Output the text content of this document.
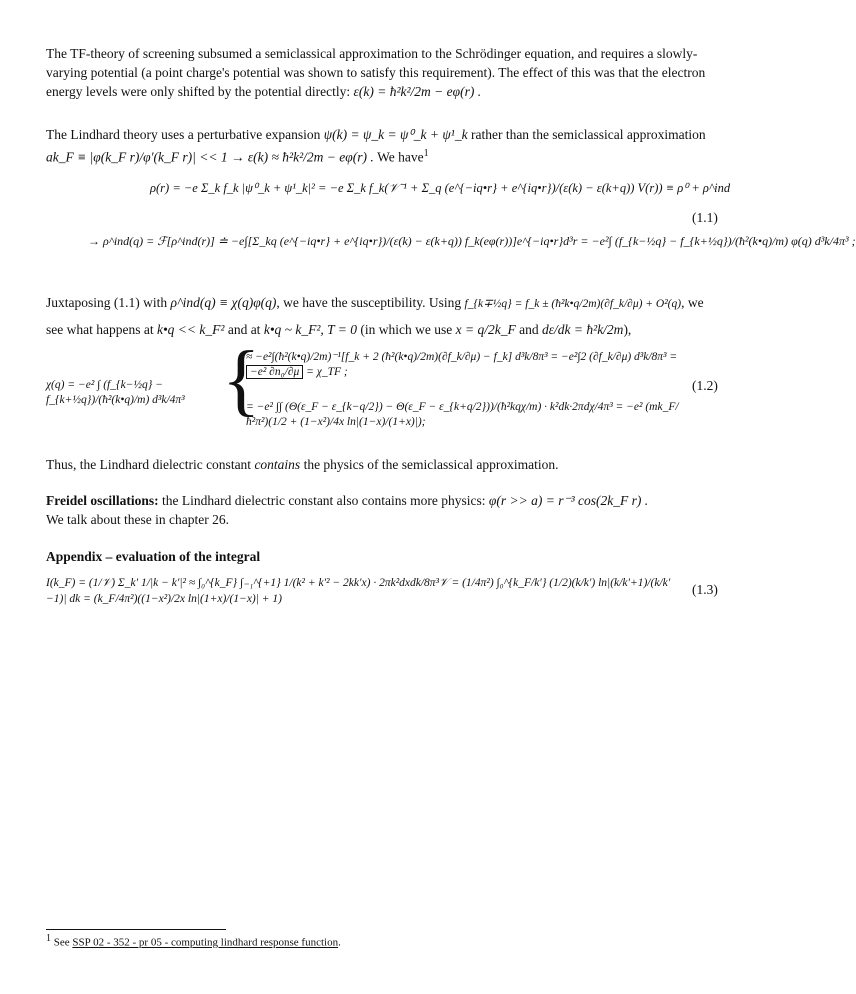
The TF-theory of screening subsumed a semiclassical approximation to the Schrödinger equation, and requires a slowly-varying potential (a point charge's potential was shown to satisfy this requirement). The effect of this was that the electron energy levels were only shifted by the potential directly: ε(k) = ħ²k²/2m − eφ(r) .
The Lindhard theory uses a perturbative expansion ψ(k) = ψ_k = ψ⁰_k + ψ¹_k rather than the semiclassical approximation ak_F ≡ |φ(k_F r)/φ′(k_F r)| << 1 → ε(k) ≈ ħ²k²/2m − eφ(r) . We have$^1$
ρ(r) = −e Σ_k f_k |ψ⁰_k + ψ¹_k|² = −e Σ_k f_k(𝒱⁻¹ + Σ_q (e^{−iq•r} + e^{iq•r})/(ε(k) − ε(k+q)) V(r)) ≡ ρ⁰ + ρ^ind
→ ρ^ind(q) = ℱ[ρ^ind(r)] ≐ −e∫[Σ_kq (e^{−iq•r} + e^{iq•r})/(ε(k) − ε(k+q)) f_k(eφ(r))]e^{−iq•r}d³r = −e²∫ (f_{k−½q} − f_{k+½q})/(ħ²(k•q)/m) φ(q) d³k/4π³ ;
(1.1)
Juxtaposing (1.1) with ρ^ind(q) ≡ χ(q)φ(q), we have the susceptibility. Using f_{k∓½q} = f_k ± (ħ²k•q/2m)(∂f_k/∂μ) + O²(q), we see what happens at k•q << k_F² and at k•q ~ k_F², T = 0 (in which we use x = q/2k_F and dε/dk = ħ²k/2m),
χ(q) = −e² ∫ (f_{k−½q} − f_{k+½q})/(ħ²(k•q)/m) d³k/4π³ {
≈ −e²∫(ħ²(k•q)/2m)⁻¹[f_k + 2 (ħ²(k•q)/2m)(∂f_k/∂μ) − f_k] d³k/8π³ = −e²∫2 (∂f_k/∂μ) d³k/8π³ = −e² ∂n₀/∂μ = χ_TF ;
= −e² ∫∫ (Θ(ε_F − ε_{k−q/2}) − Θ(ε_F − ε_{k+q/2}))/(ħ²kqχ/m) · k²dk·2πdχ/4π³ = −e² (mk_F/ħ²π²)(1/2 + (1−x²)/4x ln|(1−x)/(1+x)|);
(1.2)
Thus, the Lindhard dielectric constant contains the physics of the semiclassical approximation.
Freidel oscillations: the Lindhard dielectric constant also contains more physics: φ(r >> a) = r⁻³ cos(2k_F r) .
We talk about these in chapter 26.
Appendix – evaluation of the integral
I(k_F) = (1/𝒱) Σ_k′ 1/|k − k′|² ≈ ∫₀^{k_F} ∫₋₁^{+1} 1/(k² + k′² − 2kk′x) · 2πk²dxdk/8π³𝒱 = (1/4π²) ∫₀^{k_F/k′} (1/2)(k/k′) ln|(k/k′+1)/(k/k′−1)| dk = (k_F/4π²)((1−x²)/2x ln|(1+x)/(1−x)| + 1)
(1.3)
$^1$ See SSP 02 - 352 - pr 05 - computing lindhard response function.
